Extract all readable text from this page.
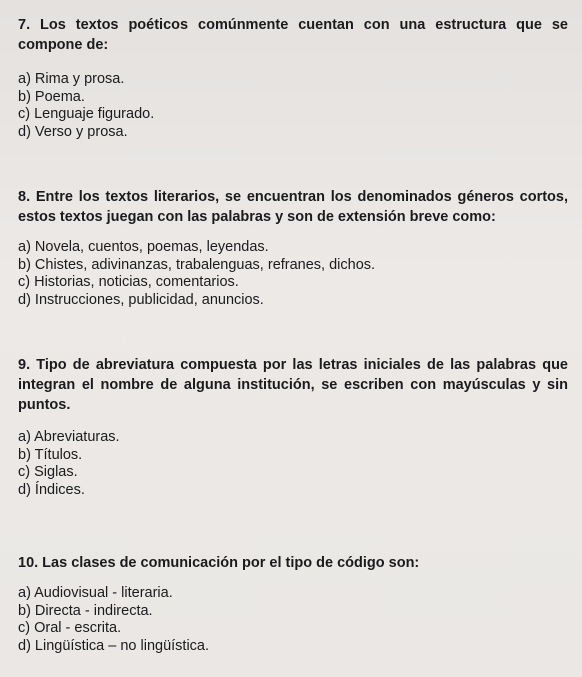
7. Los textos poéticos comúnmente cuentan con una estructura que se compone de:

a) Rima y prosa.

b) Poema.

c) Lenguaje figurado.

d) Verso y prosa.

8. Entre los textos literarios, se encuentran los denominados géneros cortos, estos textos juegan con las palabras y son de extensión breve como:

a) Novela, cuentos, poemas, leyendas.

b) Chistes, adivinanzas, trabalenguas, refranes, dichos.

c) Historias, noticias, comentarios.

d) Instrucciones, publicidad, anuncios.

9. Tipo de abreviatura compuesta por las letras iniciales de las palabras que integran el nombre de alguna institución, se escriben con mayúsculas y sin puntos.

a) Abreviaturas.

b) Títulos.

c) Siglas.

d) Índices.

10. Las clases de comunicación por el tipo de código son:

a) Audiovisual - literaria.

b) Directa - indirecta.

c) Oral - escrita.

d) Lingüística – no lingüística.
